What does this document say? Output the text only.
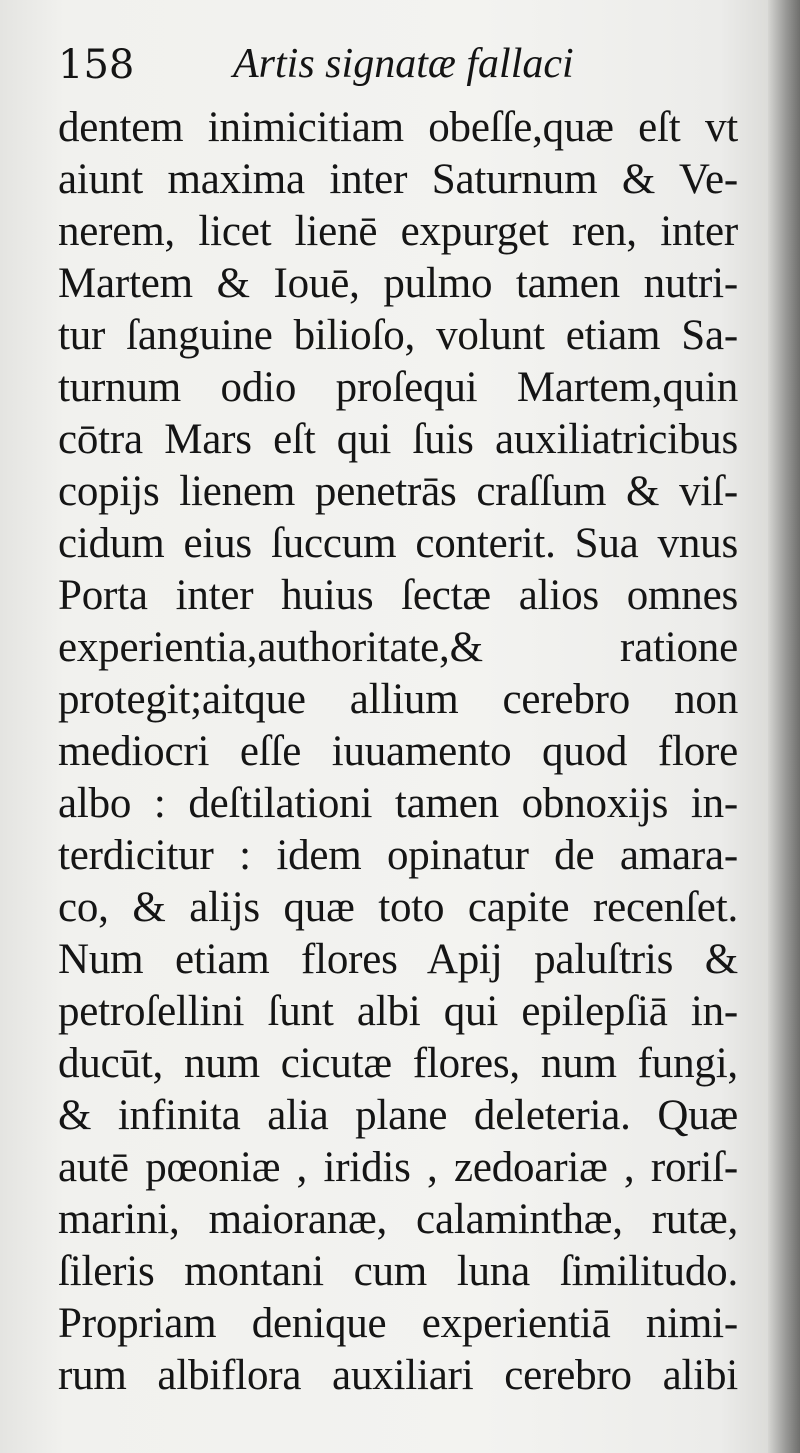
158 Artis signatæ fallaci
dentem inimicitiam obeſſe,quæ eſt vt
aiunt maxima inter Saturnum & Ve-
nerem, licet lienē expurget ren, inter
Martem & Iouē, pulmo tamen nutri-
tur ſanguine bilioſo, volunt etiam Sa-
turnum odio proſequi Martem,quin
cōtra Mars eſt qui ſuis auxiliatricibus
copijs lienem penetrās craſſum & viſ-
cidum eius ſuccum conterit. Sua vnus
Porta inter huius ſectæ alios omnes
experientia,authoritate,& ratione
protegit;aitque allium cerebro non
mediocri eſſe iuuamento quod flore
albo : deſtilationi tamen obnoxijs in-
terdicitur : idem opinatur de amara-
co, & alijs quæ toto capite recenſet.
Num etiam flores Apij paluſtris &
petroſellini ſunt albi qui epilepſiā in-
ducūt, num cicutæ flores, num fungi,
& infinita alia plane deleteria. Quæ
autē pœoniæ , iridis , zedoariæ , roriſ-
marini, maioranæ, calaminthæ, rutæ,
ſileris montani cum luna ſimilitudo.
Propriam denique experientiā nimi-
rum albiflora auxiliari cerebro alibi
